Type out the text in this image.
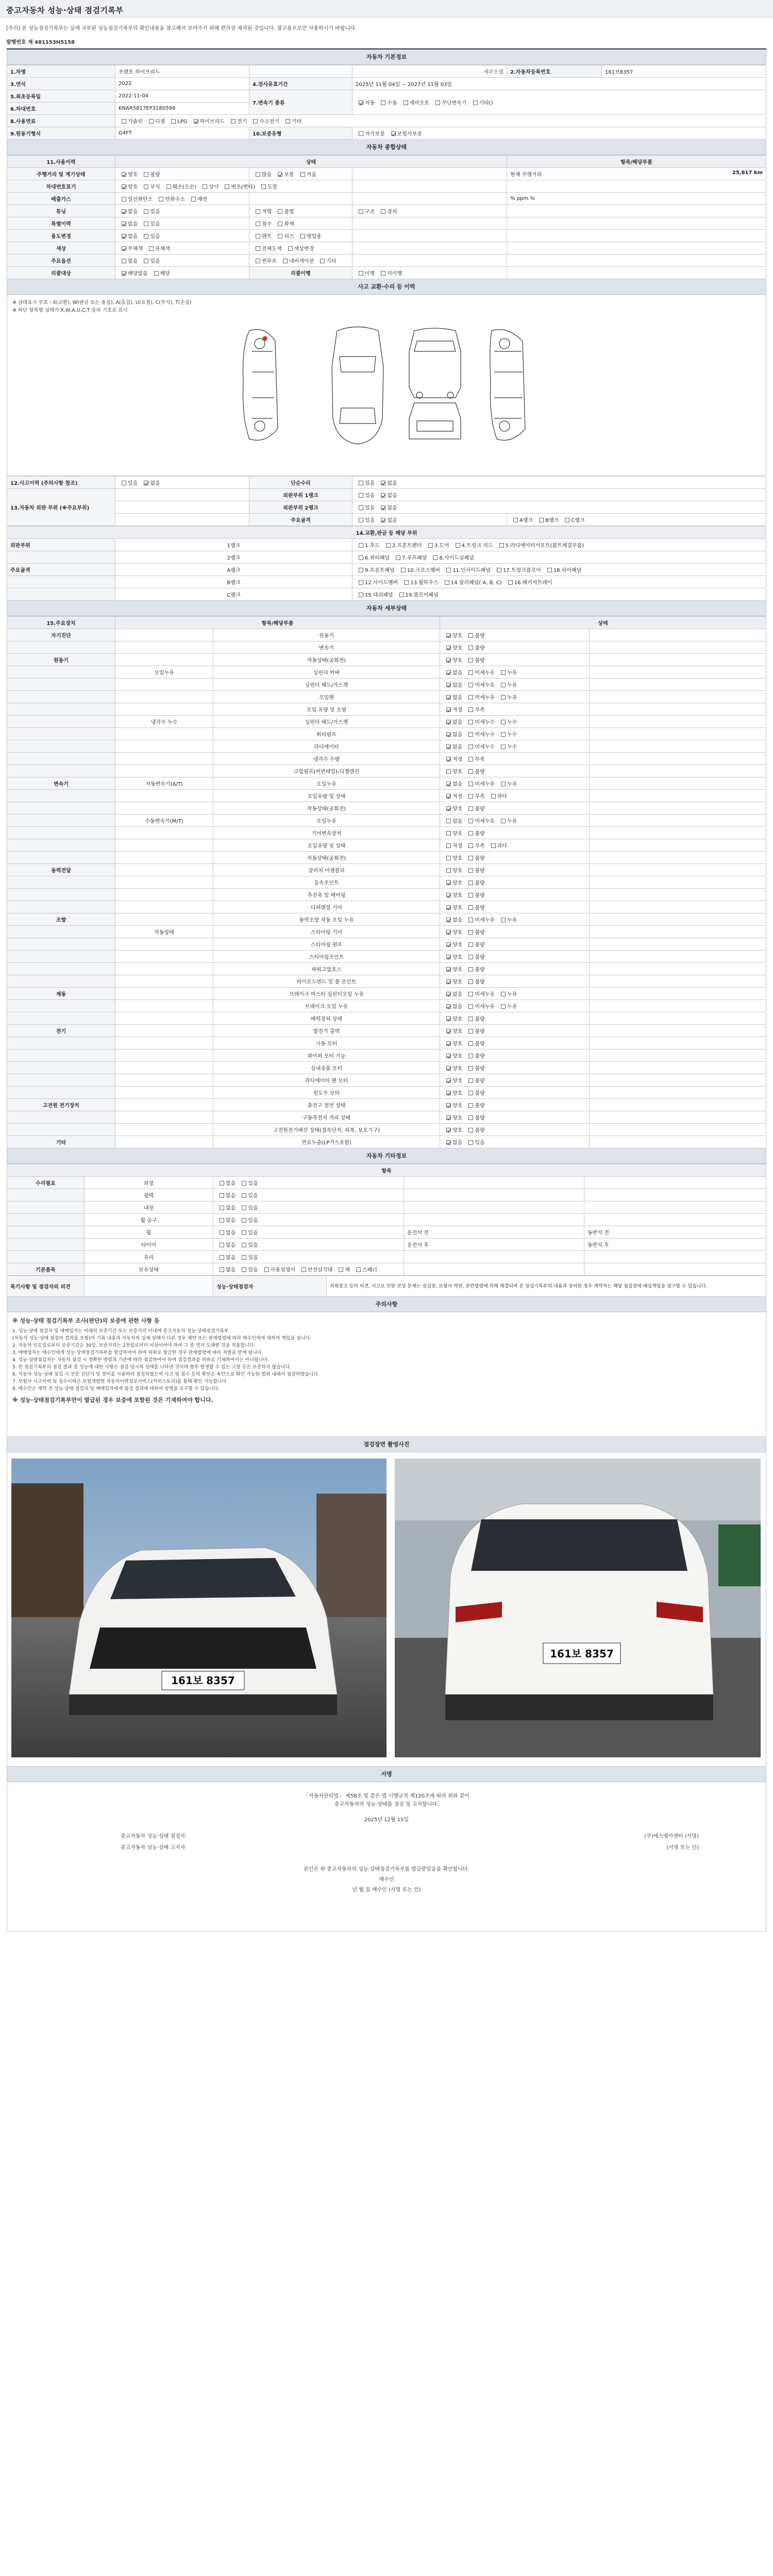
중고자동차 성능·상태 점검기록부
[주의] 본 성능점검기록부는 실제 교부된 성능점검기록부의 확인내용을 참고해서 보여주기 위해 편의상 제작된 것입니다. 참고용으로만 사용하시기 바랍니다.
발행번호 제 481153H5158
자동차 기본정보
1.차명	쏘렌토 하이브리드		세부모델	2.자동차등록번호	161보8357
3.연식	2022	4.검사유효기간	2025년 11월 04일 ~ 2027년 11월 03일		
5.최초등록일	2022-11-04	7.변속기 종류	자동 수동 세미오토 무단변속기 기타()		
6.차대번호	KNAR5817EP3180598				
8.사용연료	가솔린 디젤 LPG 하이브리드 전기 수소전기 기타				
9.원동기형식	G4FT	10.보증유형	자가보증 보험사보증		
자동차 종합상태
11.사용이력	상태			항목/해당부품
주행거리 및 계기상태	양호 불량	많음 보통 적음		현재 주행거리 25,817 km

차대번호표기	양호 부식 훼손(오손) 상이 변조(변타) 도말			
배출가스	일산화탄소 탄화수소 매연			% ppm %
튜닝	없음 있음	적법 불법	구조 장치	
특별이력	없음 있음	침수 화재		
용도변경	없음 있음	렌트 리스 영업용		
색상	무채색 유채색	전체도색 색상변경		
주요옵션	없음 있음	썬루프 네비게이션 기타		
리콜대상	해당없음 해당	리콜이행	이행 미이행	
사고 교환·수리 등 이력
※ 상태표시 부호 : X(교환), W(판금 또는 용접), A(흠집), U(요철), C(부식), T(손상)
※ 하단 항목별 상태가 X,W,A,U,C,T 등의 기호로 표시
12.사고이력 (주의사항 참조)	있음 없음	단순수리	있음 없음	
13.자동차 외판 부위 (※주요부위)		외판부위 1랭크	있음 없음	
		외판부위 2랭크	있음 없음	
		주요골격	있음 없음	A랭크 B랭크 C랭크
14.교환,판금 등 해당 부위		
외판부위	1랭크	1.후드 2.프론트펜더 3.도어 4.트렁크 리드 5.라디에이터서포트(볼트체결부품)
	2랭크	6.쿼터패널 7.루프패널 8.사이드실패널
주요골격	A랭크	9.프론트패널 10.크로스멤버 11.인사이드패널 17.트렁크플로어 18.리어패널
	B랭크	12.사이드멤버 13.휠하우스 14.필러패널( A, B, C) 16.패키지트레이
	C랭크	15.대쉬패널 19.플로어패널
자동차 세부상태
15.주요장치	항목/해당부품		상태	
자기진단		원동기	양호 불량	
		변속기	양호 불량	
원동기		작동상태(공회전)	양호 불량	
	오일누유	실린더 커버	없음 미세누유 누유	
		실린더 헤드/가스켓	없음 미세누유 누유	
		오일팬	없음 미세누유 누유	
		오일 유량 및 오염	적정 부족	
	냉각수 누수	실린더 헤드/가스켓	없음 미세누수 누수	
		워터펌프	없음 미세누수 누수	
		라디에이터	없음 미세누수 누수	
		냉각수 수량	적정 부족	
		고압펌프(커먼레일)-디젤엔진	양호 불량	
변속기	자동변속기(A/T)	오일누유	없음 미세누유 누유	
		오일유량 및 상태	적정 부족 과다	
		작동상태(공회전)	양호 불량	
	수동변속기(M/T)	오일누유	없음 미세누유 누유	
		기어변속장치	양호 불량	
		오일유량 및 상태	적정 부족 과다	
		작동상태(공회전)	양호 불량	
동력전달		클러치 어셈블리	양호 불량	
		등속조인트	양호 불량	
		추진축 및 베어링	양호 불량	
		디퍼렌셜 기어	양호 불량	
조향		동력조향 작동 오일 누유	없음 미세누유 누유	
	작동상태	스티어링 기어	양호 불량	
		스티어링 펌프	양호 불량	
		스티어링조인트	양호 불량	
		파워고압호스	양호 불량	
		타이로드엔드 및 볼 조인트	양호 불량	
제동		브레이크 마스터 실린더오일 누유	없음 미세누유 누유	
		브레이크 오일 누유	없음 미세누유 누유	
		배력장치 상태	양호 불량	
전기		발전기 출력	양호 불량	
		시동 모터	양호 불량	
		와이퍼 모터 기능	양호 불량	
		실내송풍 모터	양호 불량	
		라디에이터 팬 모터	양호 불량	
		윈도우 모터	양호 불량	
고전원 전기장치		충전구 절연 상태	양호 불량	
		구동축전지 격리 상태	양호 불량	
		고전원전기배선 상태(접속단자, 피복, 보호기구)	양호 불량	
기타		연료누출(LP가스포함)	없음 있음	
자동차 기타정보
항목				
수리필요	외장	없음 있음		
	광택	없음 있음		
	내장	없음 있음		
	휠 공구	없음 있음		
	휠	없음 있음	운전석 전	동반석 전
	타이어	없음 있음	운전석 후	동반석 후
	유리	없음 있음		
기본품목	보유상태	없음 있음 사용설명서 안전삼각대 잭 스패너		
특기사항 및 점검자의 의견		성능·상태점검자	허위광고 등의 의견, 사고로 인한 보상 문제는 점검장, 보험사 약관, 관련법령에 의해 해결되며 본 점검기록부의 내용과 상이한 경우 계약자는 해당 점검장에 배상책임을 청구할 수 있습니다.
주의사항
※ 성능·상태 점검기록부 조사(판단)의 보증에 관한 사항 등
1. 성능·상태 점검자 및 매매업자는 아래의 보증기간 또는 보증거리 이내에 중고자동차 성능·상태점검기록부
(자동차 성능·상태 점검의 결과를 포함)의 기록 내용과 자동차의 실제 상태가 다른 경우 계약 또는 관계법령에 따라 매수인에게 대하여 책임을 집니다.
2. 자동차 인도일로부터 보증기간은 30일, 보증거리는 2천킬로미터 이상이어야 하며 그 중 먼저 도래한 것을 적용합니다.
3. 매매업자는 매수인에게 성능·상태점검기록부를 발급하여야 하며 허위로 발급한 경우 관계법령에 따라 처벌을 받게 됩니다.
4. 성능·상태점검자는 자동차 점검 시 정확한 방법과 기준에 따라 점검하여야 하며 점검결과를 허위로 기재하여서는 아니됩니다.
5. 본 점검기록부의 점검 결과 중 성능에 대한 사항은 점검 당시의 상태를 나타낸 것이며 향후 발생할 수 있는 고장 등은 보증하지 않습니다.
6. 자동차 성능·상태 점검 시 전문 진단기 및 장비를 사용하여 점검하였으며 사고 및 침수 등의 확인은 육안으로 확인 가능한 범위 내에서 점검하였습니다.
7. 보험사 사고이력 및 침수이력은 보험개발원 자동차이력정보서비스(카히스토리)를 통해 확인 가능합니다.
8. 매수인은 계약 전 성능·상태 점검자 및 매매업자에게 점검 결과에 대하여 설명을 요구할 수 있습니다.
※ 성능·상태점검기록부만이 발급된 경우 보증에 포함된 것은 기재하여야 합니다.
점검장면 촬영사진
161보 8357
161보 8357
서명
「자동차관리법」 제58조 및 같은 법 시행규칙 제120조에 따라 위와 같이
중고자동차의 성능·상태를 점검 및 고지합니다.
2025년 12월 15일
중고자동차 성능·상태 점검자	(주)에스엠카센터 (서명)
중고자동차 성능·상태 고지자	(서명 또는 인)
본인은 위 중고자동차의 성능·상태점검기록부를 발급받았음을 확인합니다.
매수인
년 월 일 매수인 (서명 또는 인)
